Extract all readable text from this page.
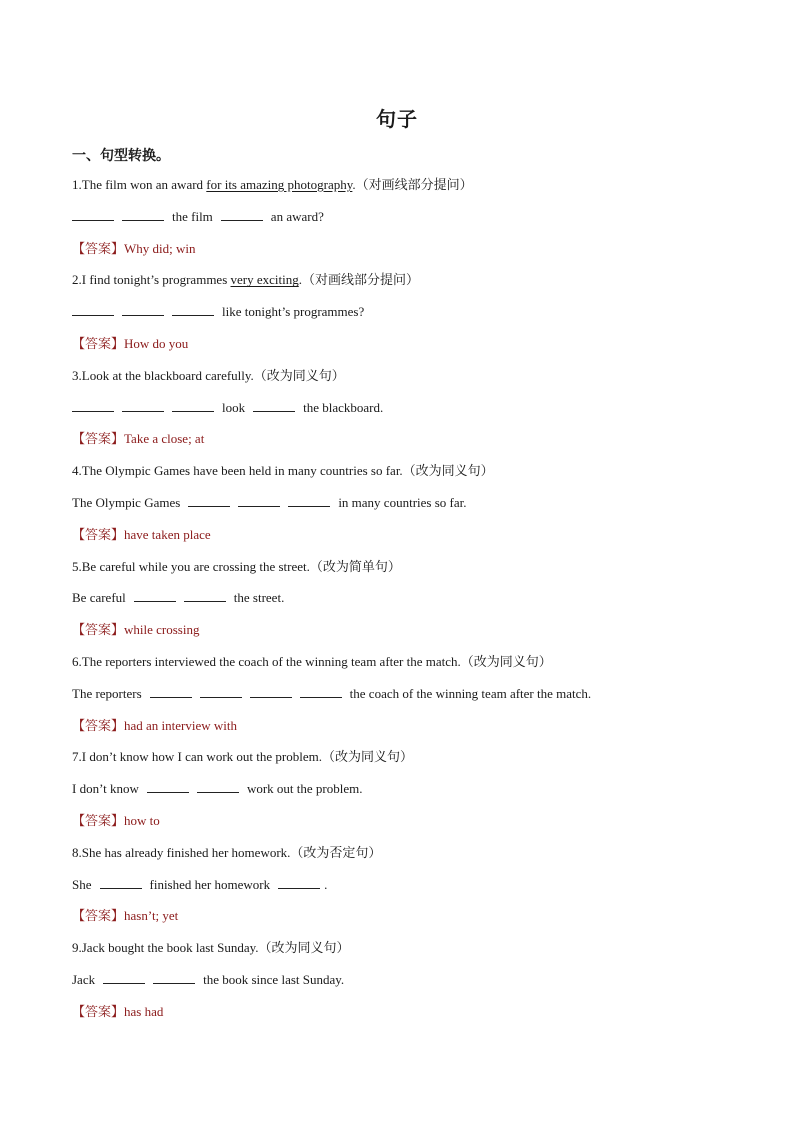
句子
一、句型转换。
1.The film won an award for its amazing photography.（对画线部分提问）
the film	an award?
【答案】Why did; win
2.I find tonight’s programmes very exciting.（对画线部分提问）
like tonight’s programmes?
【答案】How do you
3.Look at the blackboard carefully.（改为同义句）
look	the blackboard.
【答案】Take a close; at
4.The Olympic Games have been held in many countries so far.（改为同义句）
The Olympic Games	in many countries so far.
【答案】have taken place
5.Be careful while you are crossing the street.（改为简单句）
Be careful	the street.
【答案】while crossing
6.The reporters interviewed the coach of the winning team after the match.（改为同义句）
The reporters	the coach of the winning team after the match.
【答案】had an interview with
7.I don’t know how I can work out the problem.（改为同义句）
I don’t know	work out the problem.
【答案】how to
8.She has already finished her homework.（改为否定句）
She	finished her homework	.
【答案】hasn’t; yet
9.Jack bought the book last Sunday.（改为同义句）
Jack	the book since last Sunday.
【答案】has had
